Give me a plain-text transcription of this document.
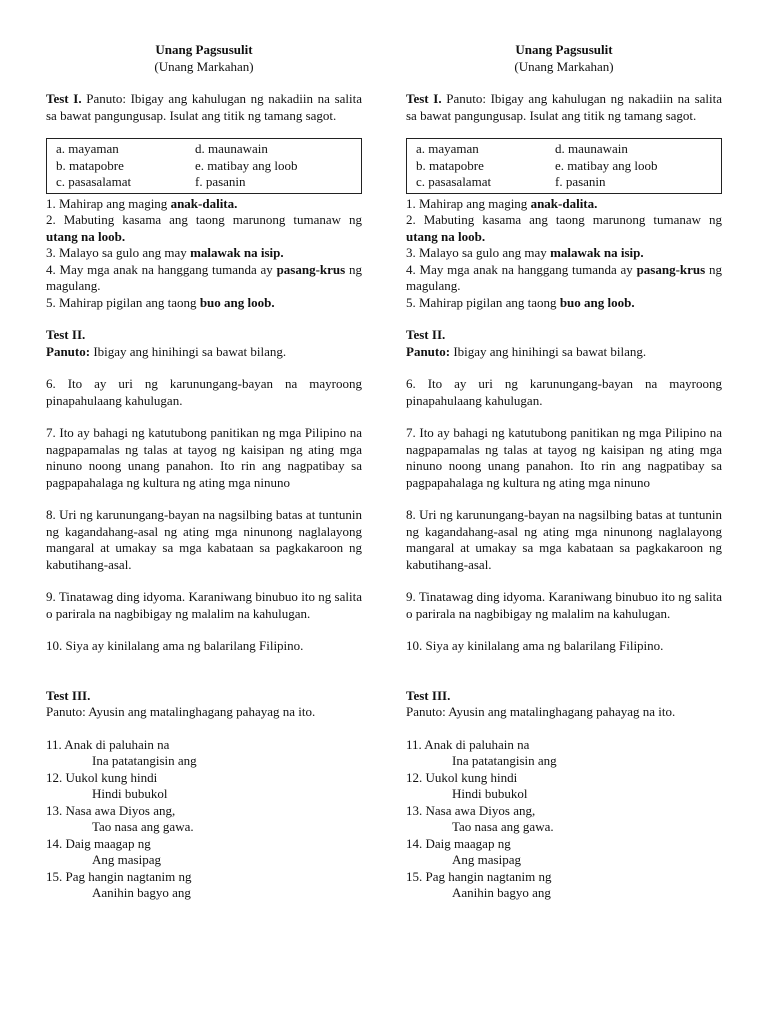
Unang Pagsusulit
(Unang Markahan)
Test I. Panuto: Ibigay ang kahulugan ng nakadiin na salita sa bawat pangungusap. Isulat ang titik ng tamang sagot.
a. mayaman	d. maunawain
b. matapobre	e. matibay ang loob
c. pasasalamat	f. pasanin
1. Mahirap ang maging anak-dalita.
2. Mabuting kasama ang taong marunong tumanaw ng utang na loob.
3. Malayo sa gulo ang may malawak na isip.
4. May mga anak na hanggang tumanda ay pasang-krus ng magulang.
5. Mahirap pigilan ang taong buo ang loob.
Test II.
Panuto: Ibigay ang hinihingi sa bawat bilang.
6. Ito ay uri ng karunungang-bayan na mayroong pinapahulaang kahulugan.
7. Ito ay bahagi ng katutubong panitikan ng mga Pilipino na nagpapamalas ng talas at tayog ng kaisipan ng ating mga ninuno noong unang panahon. Ito rin ang nagpatibay sa pagpapahalaga ng kultura ng ating mga ninuno
8. Uri ng karunungang-bayan na nagsilbing batas at tuntunin ng kagandahang-asal ng ating mga ninunong naglalayong mangaral at umakay sa mga kabataan sa pagkakaroon ng kabutihang-asal.
9. Tinatawag ding idyoma. Karaniwang binubuo ito ng salita o parirala na nagbibigay ng malalim na kahulugan.
10. Siya ay kinilalang ama ng balarilang Filipino.
Test III.
Panuto: Ayusin ang matalinghagang pahayag na ito.
11. Anak di paluhain na
Ina patatangisin ang
12. Uukol kung hindi
Hindi bubukol
13. Nasa awa Diyos ang,
Tao nasa ang gawa.
14. Daig maagap ng
Ang masipag
15. Pag hangin nagtanim ng
Aanihin bagyo ang
Unang Pagsusulit
(Unang Markahan)
Test I. Panuto: Ibigay ang kahulugan ng nakadiin na salita sa bawat pangungusap. Isulat ang titik ng tamang sagot.
a. mayaman	d. maunawain
b. matapobre	e. matibay ang loob
c. pasasalamat	f. pasanin
1. Mahirap ang maging anak-dalita.
2. Mabuting kasama ang taong marunong tumanaw ng utang na loob.
3. Malayo sa gulo ang may malawak na isip.
4. May mga anak na hanggang tumanda ay pasang-krus ng magulang.
5. Mahirap pigilan ang taong buo ang loob.
Test II.
Panuto: Ibigay ang hinihingi sa bawat bilang.
6. Ito ay uri ng karunungang-bayan na mayroong pinapahulaang kahulugan.
7. Ito ay bahagi ng katutubong panitikan ng mga Pilipino na nagpapamalas ng talas at tayog ng kaisipan ng ating mga ninuno noong unang panahon. Ito rin ang nagpatibay sa pagpapahalaga ng kultura ng ating mga ninuno
8. Uri ng karunungang-bayan na nagsilbing batas at tuntunin ng kagandahang-asal ng ating mga ninunong naglalayong mangaral at umakay sa mga kabataan sa pagkakaroon ng kabutihang-asal.
9. Tinatawag ding idyoma. Karaniwang binubuo ito ng salita o parirala na nagbibigay ng malalim na kahulugan.
10. Siya ay kinilalang ama ng balarilang Filipino.
Test III.
Panuto: Ayusin ang matalinghagang pahayag na ito.
11. Anak di paluhain na
Ina patatangisin ang
12. Uukol kung hindi
Hindi bubukol
13. Nasa awa Diyos ang,
Tao nasa ang gawa.
14. Daig maagap ng
Ang masipag
15. Pag hangin nagtanim ng
Aanihin bagyo ang
